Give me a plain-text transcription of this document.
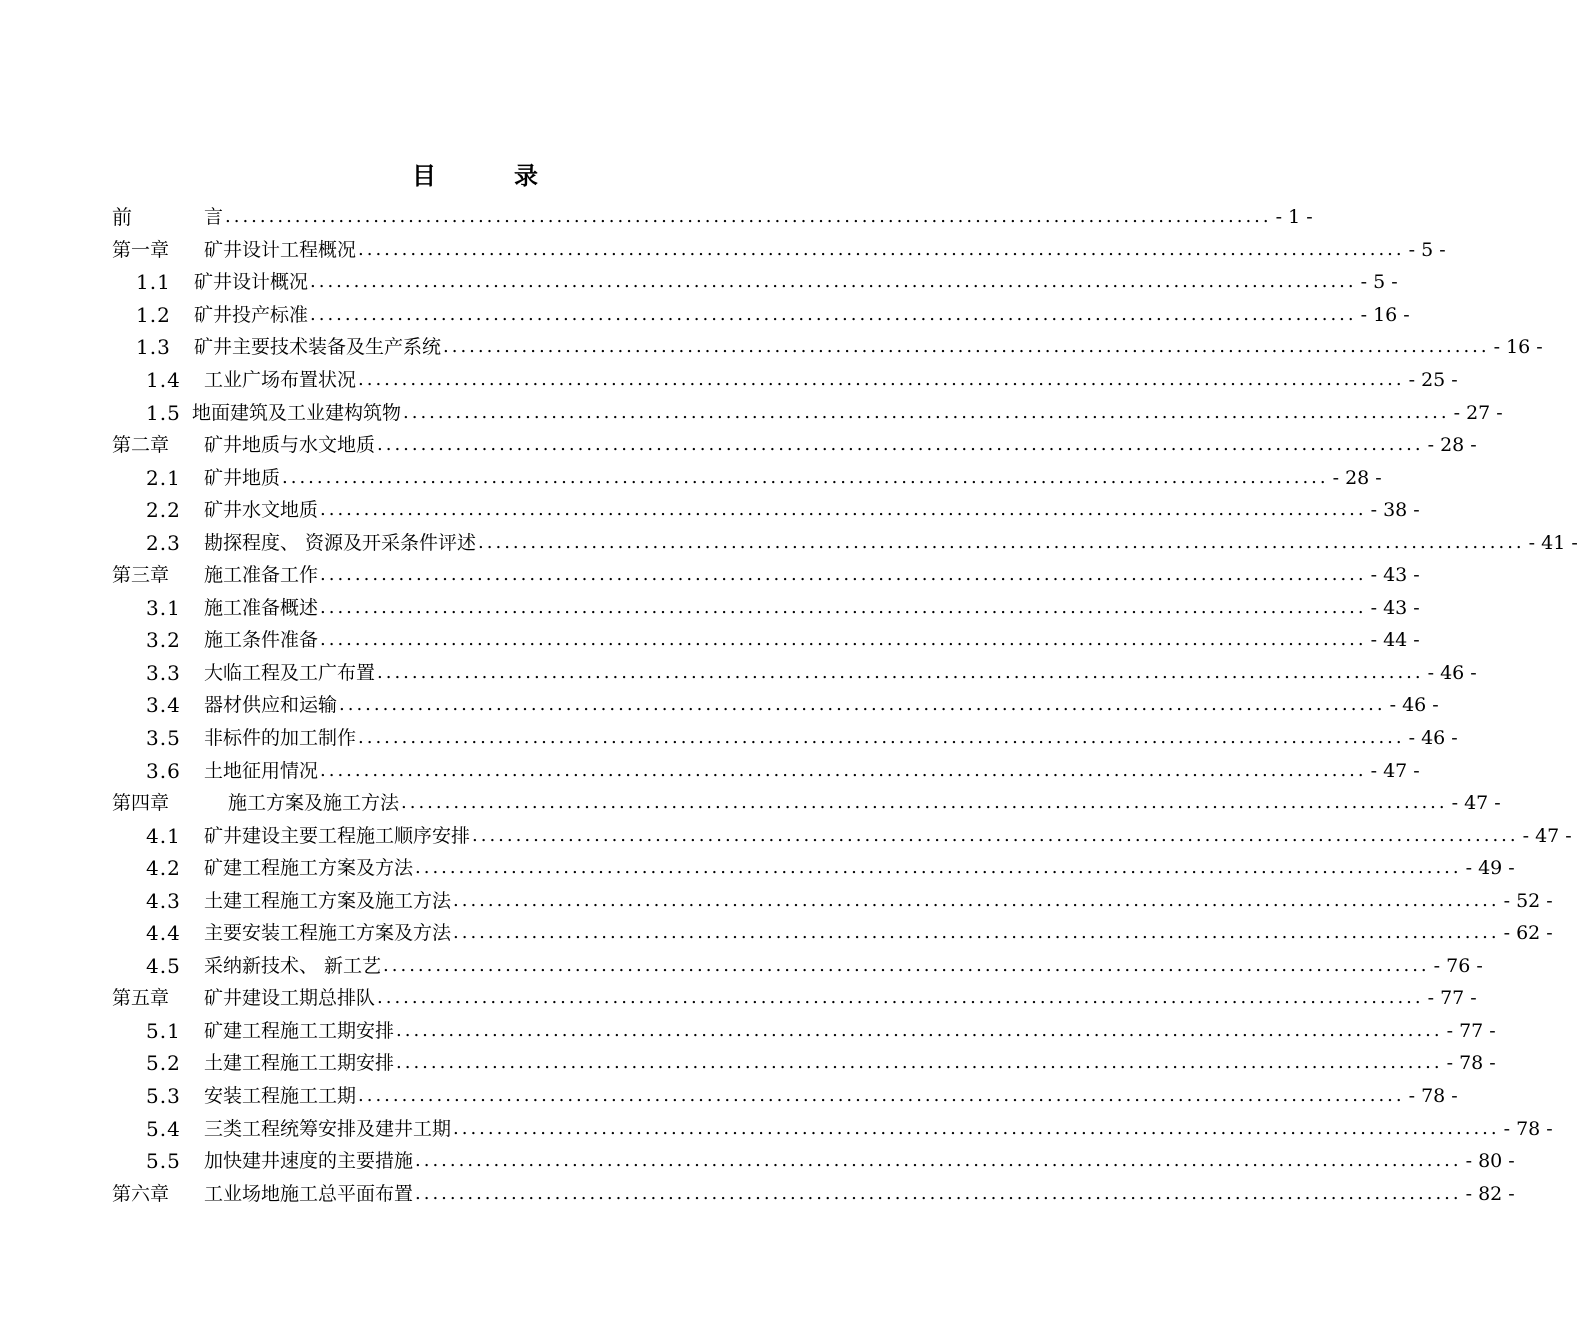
目	录
前	言 ........................................................................................................................ - 1 -
第一章	矿井设计工程概况 ........................................................................................................................ - 5 -
1.1	矿井设计概况 ........................................................................................................................ - 5 -
1.2	矿井投产标准 ........................................................................................................................ - 16 -
1.3	矿井主要技术装备及生产系统 ........................................................................................................................ - 16 -
1.4	工业广场布置状况 ........................................................................................................................ - 25 -
1.5 地面建筑及工业建构筑物 ........................................................................................................................ - 27 -
第二章	矿井地质与水文地质 ........................................................................................................................ - 28 -
2.1	矿井地质 ........................................................................................................................ - 28 -
2.2	矿井水文地质 ........................................................................................................................ - 38 -
2.3	勘探程度、 资源及开采条件评述 ........................................................................................................................ - 41 -
第三章	施工准备工作 ........................................................................................................................ - 43 -
3.1	施工准备概述 ........................................................................................................................ - 43 -
3.2	施工条件准备 ........................................................................................................................ - 44 -
3.3	大临工程及工广布置 ........................................................................................................................ - 46 -
3.4	器材供应和运输 ........................................................................................................................ - 46 -
3.5	非标件的加工制作 ........................................................................................................................ - 46 -
3.6	土地征用情况 ........................................................................................................................ - 47 -
第四章	施工方案及施工方法 ........................................................................................................................ - 47 -
4.1	矿井建设主要工程施工顺序安排 ........................................................................................................................ - 47 -
4.2	矿建工程施工方案及方法 ........................................................................................................................ - 49 -
4.3	土建工程施工方案及施工方法 ........................................................................................................................ - 52 -
4.4	主要安装工程施工方案及方法 ........................................................................................................................ - 62 -
4.5	采纳新技术、 新工艺 ........................................................................................................................ - 76 -
第五章	矿井建设工期总排队 ........................................................................................................................ - 77 -
5.1	矿建工程施工工期安排 ........................................................................................................................ - 77 -
5.2	土建工程施工工期安排 ........................................................................................................................ - 78 -
5.3	安装工程施工工期 ........................................................................................................................ - 78 -
5.4	三类工程统筹安排及建井工期 ........................................................................................................................ - 78 -
5.5	加快建井速度的主要措施 ........................................................................................................................ - 80 -
第六章	工业场地施工总平面布置 ........................................................................................................................ - 82 -
